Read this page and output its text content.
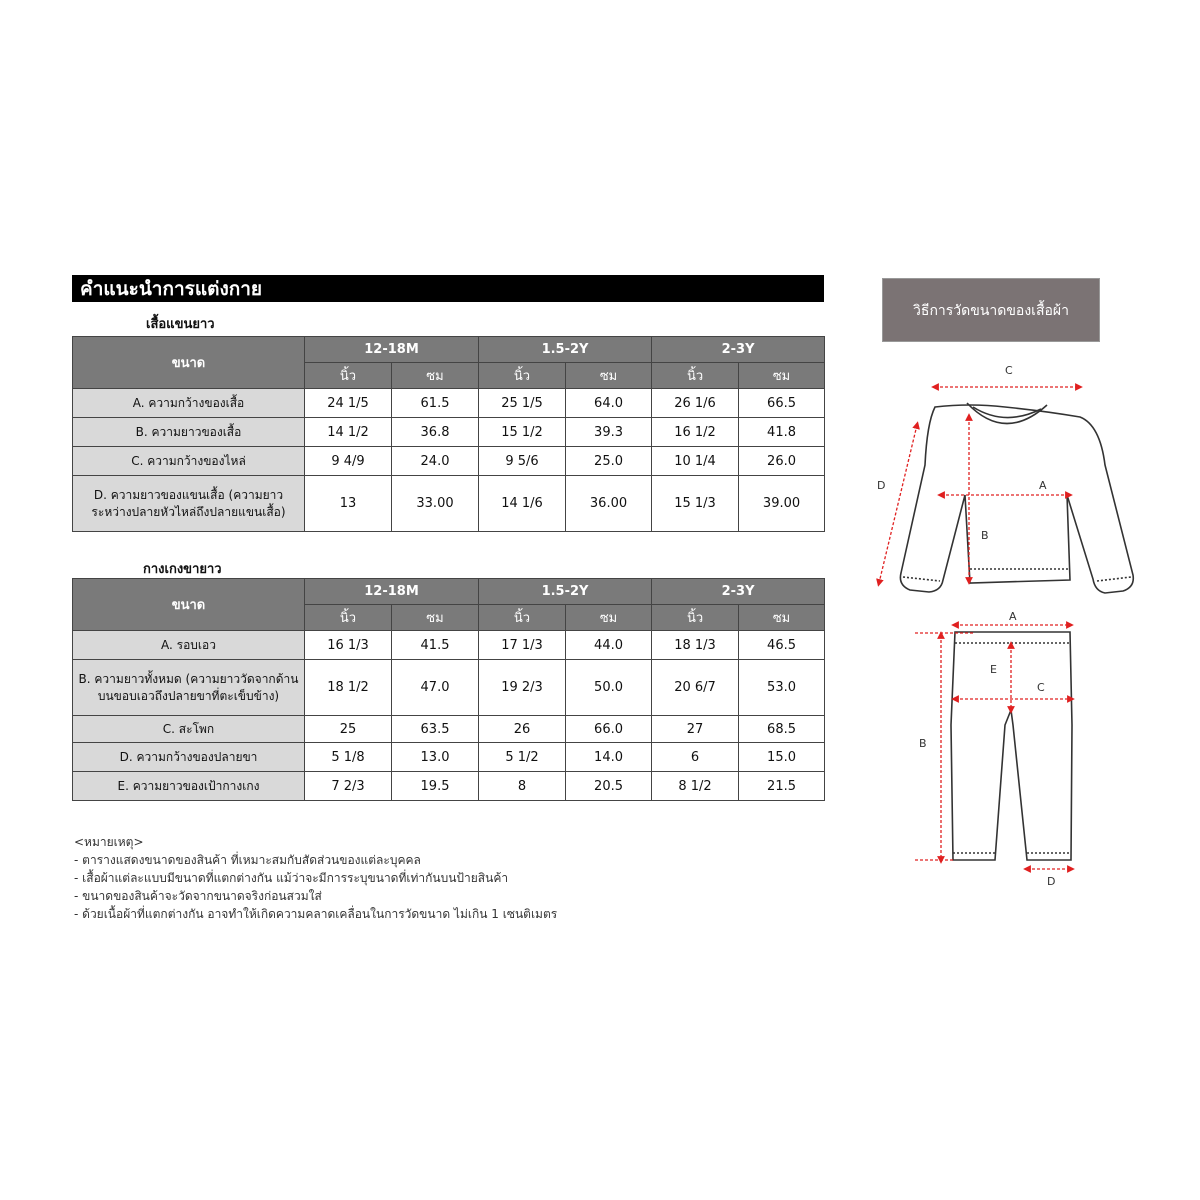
คำแนะนำการแต่งกาย
เสื้อแขนยาว
ขนาด	12-18M		1.5-2Y		2-3Y	
	นิ้ว	ซม	นิ้ว	ซม	นิ้ว	ซม
A. ความกว้างของเสื้อ	24 1/5	61.5	25 1/5	64.0	26 1/6	66.5
B. ความยาวของเสื้อ	14 1/2	36.8	15 1/2	39.3	16 1/2	41.8
C. ความกว้างของไหล่	9 4/9	24.0	9 5/6	25.0	10 1/4	26.0
D. ความยาวของแขนเสื้อ (ความยาวระหว่างปลายหัวไหล่ถึงปลายแขนเสื้อ)	13	33.00	14 1/6	36.00	15 1/3	39.00
กางเกงขายาว
ขนาด	12-18M		1.5-2Y		2-3Y	
	นิ้ว	ซม	นิ้ว	ซม	นิ้ว	ซม
A. รอบเอว	16 1/3	41.5	17 1/3	44.0	18 1/3	46.5
B. ความยาวทั้งหมด (ความยาววัดจากด้านบนขอบเอวถึงปลายขาที่ตะเข็บข้าง)	18 1/2	47.0	19 2/3	50.0	20 6/7	53.0
C. สะโพก	25	63.5	26	66.0	27	68.5
D. ความกว้างของปลายขา	5 1/8	13.0	5 1/2	14.0	6	15.0
E. ความยาวของเป้ากางเกง	7 2/3	19.5	8	20.5	8 1/2	21.5
<หมายเหตุ>
- ตารางแสดงขนาดของสินค้า ที่เหมาะสมกับสัดส่วนของแต่ละบุคคล
- เสื้อผ้าแต่ละแบบมีขนาดที่แตกต่างกัน แม้ว่าจะมีการระบุขนาดที่เท่ากันบนป้ายสินค้า
- ขนาดของสินค้าจะวัดจากขนาดจริงก่อนสวมใส่
- ด้วยเนื้อผ้าที่แตกต่างกัน อาจทำให้เกิดความคลาดเคลื่อนในการวัดขนาด ไม่เกิน 1 เซนติเมตร
วิธีการวัดขนาดของเสื้อผ้า
C
A
B
D
A
B
C
D
E
